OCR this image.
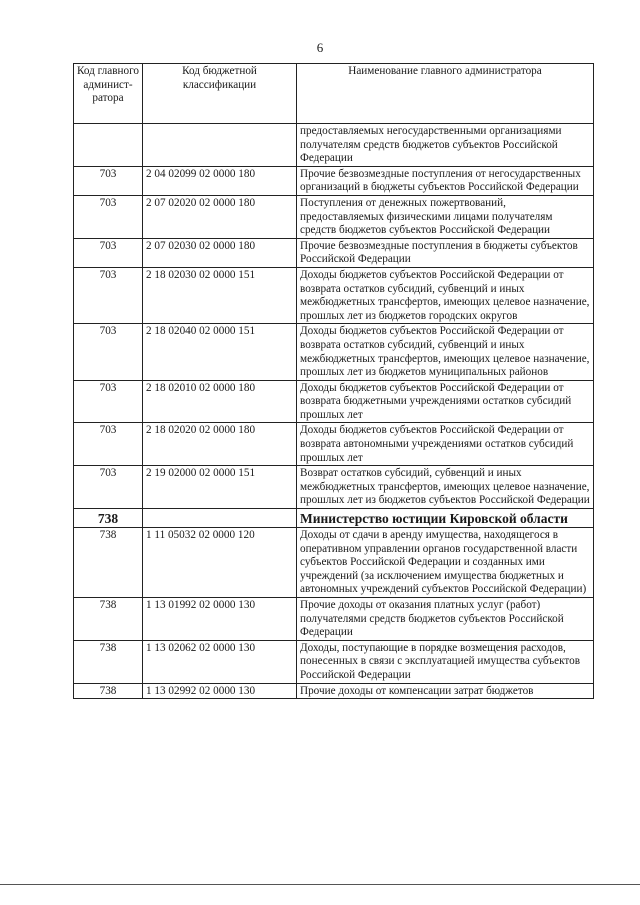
6
Код главного админист-ратора	Код бюджетной классификации	Наименование главного администратора
		предоставляемых негосударственными организациями получателям средств бюджетов субъектов Российской Федерации
703	2 04 02099 02 0000 180	Прочие безвозмездные поступления от негосударственных организаций в бюджеты субъектов Российской Федерации
703	2 07 02020 02 0000 180	Поступления от денежных пожертвований, предоставляемых физическими лицами получателям средств бюджетов субъектов Российской Федерации
703	2 07 02030 02 0000 180	Прочие безвозмездные поступления в бюджеты субъектов Российской Федерации
703	2 18 02030 02 0000 151	Доходы бюджетов субъектов Российской Федерации от возврата остатков субсидий, субвенций и иных межбюджетных трансфертов, имеющих целевое назначение, прошлых лет из бюджетов городских округов
703	2 18 02040 02 0000 151	Доходы бюджетов субъектов Российской Федерации от возврата остатков субсидий, субвенций и иных межбюджетных трансфертов, имеющих целевое назначение, прошлых лет из бюджетов муниципальных районов
703	2 18 02010 02 0000 180	Доходы бюджетов субъектов Российской Федерации от возврата бюджетными учреждениями остатков субсидий прошлых лет
703	2 18 02020 02 0000 180	Доходы бюджетов субъектов Российской Федерации от возврата автономными учреждениями остатков субсидий прошлых лет
703	2 19 02000 02 0000 151	Возврат остатков субсидий, субвенций и иных межбюджетных трансфертов, имеющих целевое назначение, прошлых лет из бюджетов субъектов Российской Федерации
738		Министерство юстиции Кировской области
738	1 11 05032 02 0000 120	Доходы от сдачи в аренду имущества, находящегося в оперативном управлении органов государственной власти субъектов Российской Федерации и созданных ими учреждений (за исключением имущества бюджетных и автономных учреждений субъектов Российской Федерации)
738	1 13 01992 02 0000 130	Прочие доходы от оказания платных услуг (работ) получателями средств бюджетов субъектов Российской Федерации
738	1 13 02062 02 0000 130	Доходы, поступающие в порядке возмещения расходов, понесенных в связи с эксплуатацией имущества субъектов Российской Федерации
738	1 13 02992 02 0000 130	Прочие доходы от компенсации затрат бюджетов
